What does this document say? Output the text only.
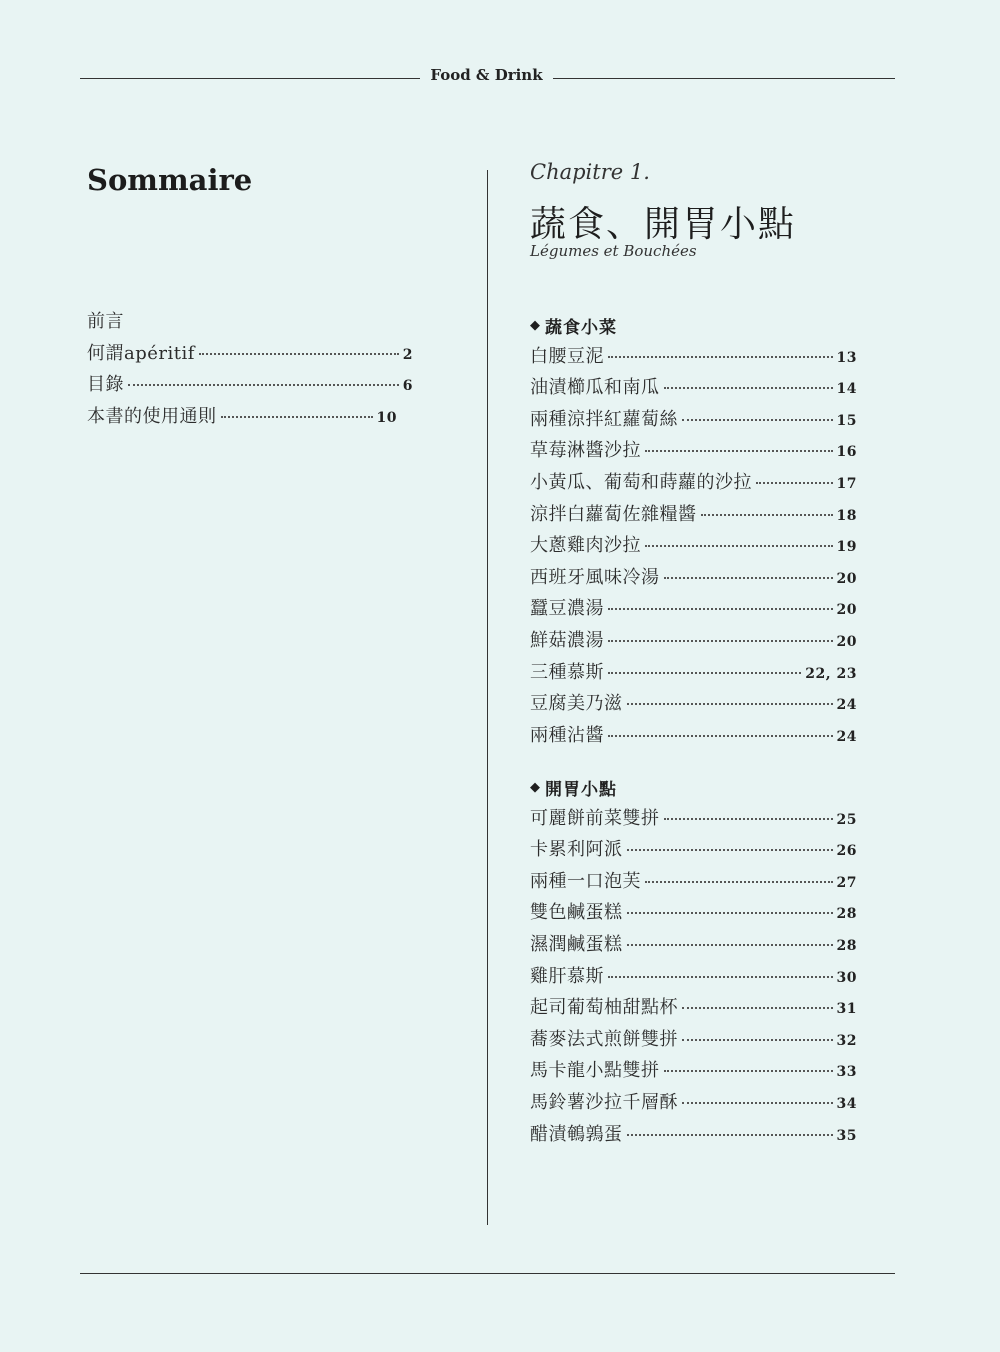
Food & Drink
Sommaire
前言
何謂apéritif	2
目錄	6
本書的使用通則	10
Chapitre 1.
蔬食、開胃小點
Légumes et Bouchées
◆ 蔬食小菜
白腰豆泥	13
油漬櫛瓜和南瓜	14
兩種涼拌紅蘿蔔絲	15
草莓淋醬沙拉	16
小黃瓜、葡萄和蒔蘿的沙拉	17
涼拌白蘿蔔佐雜糧醬	18
大蔥雞肉沙拉	19
西班牙風味冷湯	20
蠶豆濃湯	20
鮮菇濃湯	20
三種慕斯	22, 23
豆腐美乃滋	24
兩種沾醬	24
◆ 開胃小點
可麗餅前菜雙拼	25
卡累利阿派	26
兩種一口泡芙	27
雙色鹹蛋糕	28
濕潤鹹蛋糕	28
雞肝慕斯	30
起司葡萄柚甜點杯	31
蕎麥法式煎餅雙拼	32
馬卡龍小點雙拼	33
馬鈴薯沙拉千層酥	34
醋漬鵪鶉蛋	35
